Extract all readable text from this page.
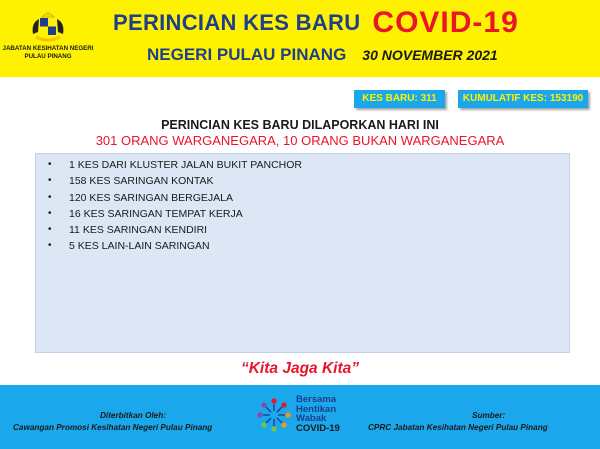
JABATAN KESIHATAN NEGERI
PULAU PINANG
PERINCIAN KES BARU COVID-19
NEGERI PULAU PINANG 30 NOVEMBER 2021
KES BARU: 311	KUMULATIF KES: 153190
PERINCIAN KES BARU DILAPORKAN HARI INI
301 ORANG WARGANEGARA, 10 ORANG BUKAN WARGANEGARA
• 1 KES DARI KLUSTER JALAN BUKIT PANCHOR
• 158 KES SARINGAN KONTAK
• 120 KES SARINGAN BERGEJALA
• 16 KES SARINGAN TEMPAT KERJA
• 11 KES SARINGAN KENDIRI
• 5 KES LAIN-LAIN SARINGAN
“Kita Jaga Kita”
Diterbitkan Oleh:
Cawangan Promosi Kesihatan Negeri Pulau Pinang
Bersama
Hentikan
Wabak
COVID-19
Sumber:
CPRC Jabatan Kesihatan Negeri Pulau Pinang
